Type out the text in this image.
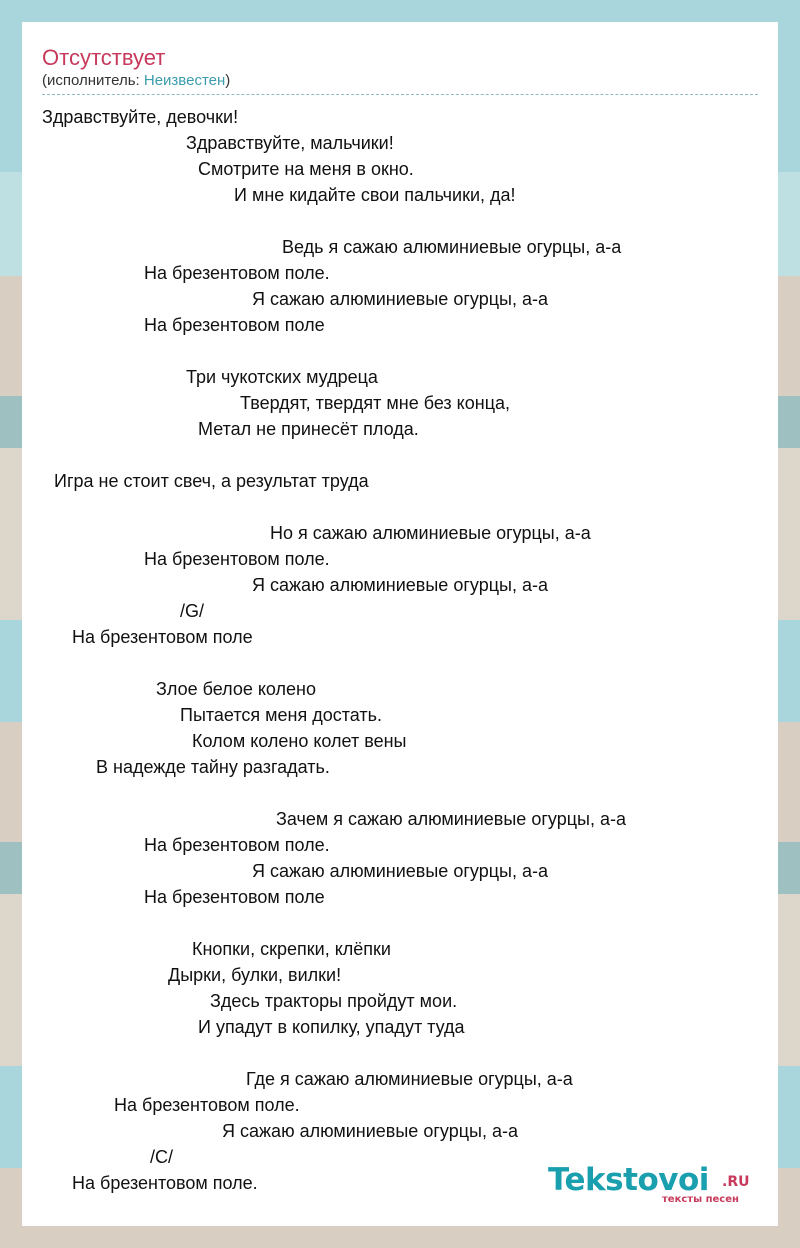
Отсутствует
(исполнитель: Неизвестен)
Здравствуйте, девочки!
Здравствуйте, мальчики!
Смотрите на меня в окно.
И мне кидайте свои пальчики, да!
Ведь я сажаю алюминиевые огурцы, а-а
На брезентовом поле.
Я сажаю алюминиевые огурцы, а-а
На брезентовом поле
Три чукотских мудреца
Твердят, твердят мне без конца,
Метал не принесёт плода.
Игра не стоит свеч, а результат труда
Но я сажаю алюминиевые огурцы, а-а
На брезентовом поле.
Я сажаю алюминиевые огурцы, а-а
/G/
На брезентовом поле
Злое белое колено
Пытается меня достать.
Колом колено колет вены
В надежде тайну разгадать.
Зачем я сажаю алюминиевые огурцы, а-а
На брезентовом поле.
Я сажаю алюминиевые огурцы, а-а
На брезентовом поле
Кнопки, скрепки, клёпки
Дырки, булки, вилки!
Здесь тракторы пройдут мои.
И упадут в копилку, упадут туда
Где я сажаю алюминиевые огурцы, а-а
На брезентовом поле.
Я сажаю алюминиевые огурцы, а-а
/C/
На брезентовом поле.	Tekstovoi .RU
тексты песен
